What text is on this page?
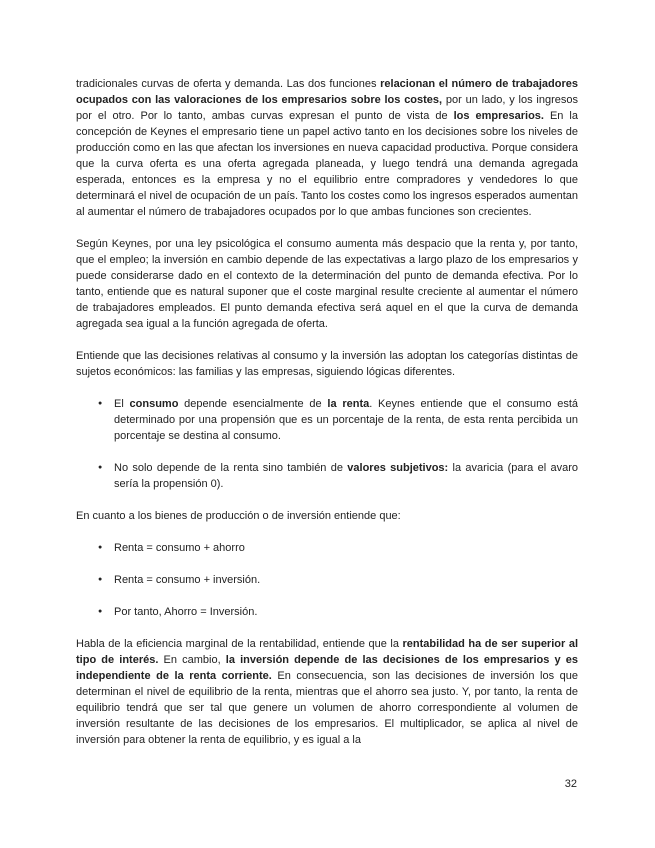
tradicionales curvas de oferta y demanda. Las dos funciones relacionan el número de trabajadores ocupados con las valoraciones de los empresarios sobre los costes, por un lado, y los ingresos por el otro. Por lo tanto, ambas curvas expresan el punto de vista de los empresarios. En la concepción de Keynes el empresario tiene un papel activo tanto en los decisiones sobre los niveles de producción como en las que afectan los inversiones en nueva capacidad productiva. Porque considera que la curva oferta es una oferta agregada planeada, y luego tendrá una demanda agregada esperada, entonces es la empresa y no el equilibrio entre compradores y vendedores lo que determinará el nivel de ocupación de un país. Tanto los costes como los ingresos esperados aumentan al aumentar el número de trabajadores ocupados por lo que ambas funciones son crecientes.

Según Keynes, por una ley psicológica el consumo aumenta más despacio que la renta y, por tanto, que el empleo; la inversión en cambio depende de las expectativas a largo plazo de los empresarios y puede considerarse dado en el contexto de la determinación del punto de demanda efectiva. Por lo tanto, entiende que es natural suponer que el coste marginal resulte creciente al aumentar el número de trabajadores empleados. El punto demanda efectiva será aquel en el que la curva de demanda agregada sea igual a la función agregada de oferta.

Entiende que las decisiones relativas al consumo y la inversión las adoptan los categorías distintas de sujetos económicos: las familias y las empresas, siguiendo lógicas diferentes.

● El consumo depende esencialmente de la renta. Keynes entiende que el consumo está determinado por una propensión que es un porcentaje de la renta, de esta renta percibida un porcentaje se destina al consumo.
● No solo depende de la renta sino también de valores subjetivos: la avaricia (para el avaro sería la propensión 0).

En cuanto a los bienes de producción o de inversión entiende que:

● Renta = consumo + ahorro
● Renta = consumo + inversión.
● Por tanto, Ahorro = Inversión.

Habla de la eficiencia marginal de la rentabilidad, entiende que la rentabilidad ha de ser superior al tipo de interés. En cambio, la inversión depende de las decisiones de los empresarios y es independiente de la renta corriente. En consecuencia, son las decisiones de inversión los que determinan el nivel de equilibrio de la renta, mientras que el ahorro sea justo. Y, por tanto, la renta de equilibrio tendrá que ser tal que genere un volumen de ahorro correspondiente al volumen de inversión resultante de las decisiones de los empresarios. El multiplicador, se aplica al nivel de inversión para obtener la renta de equilibrio, y es igual a la

32
